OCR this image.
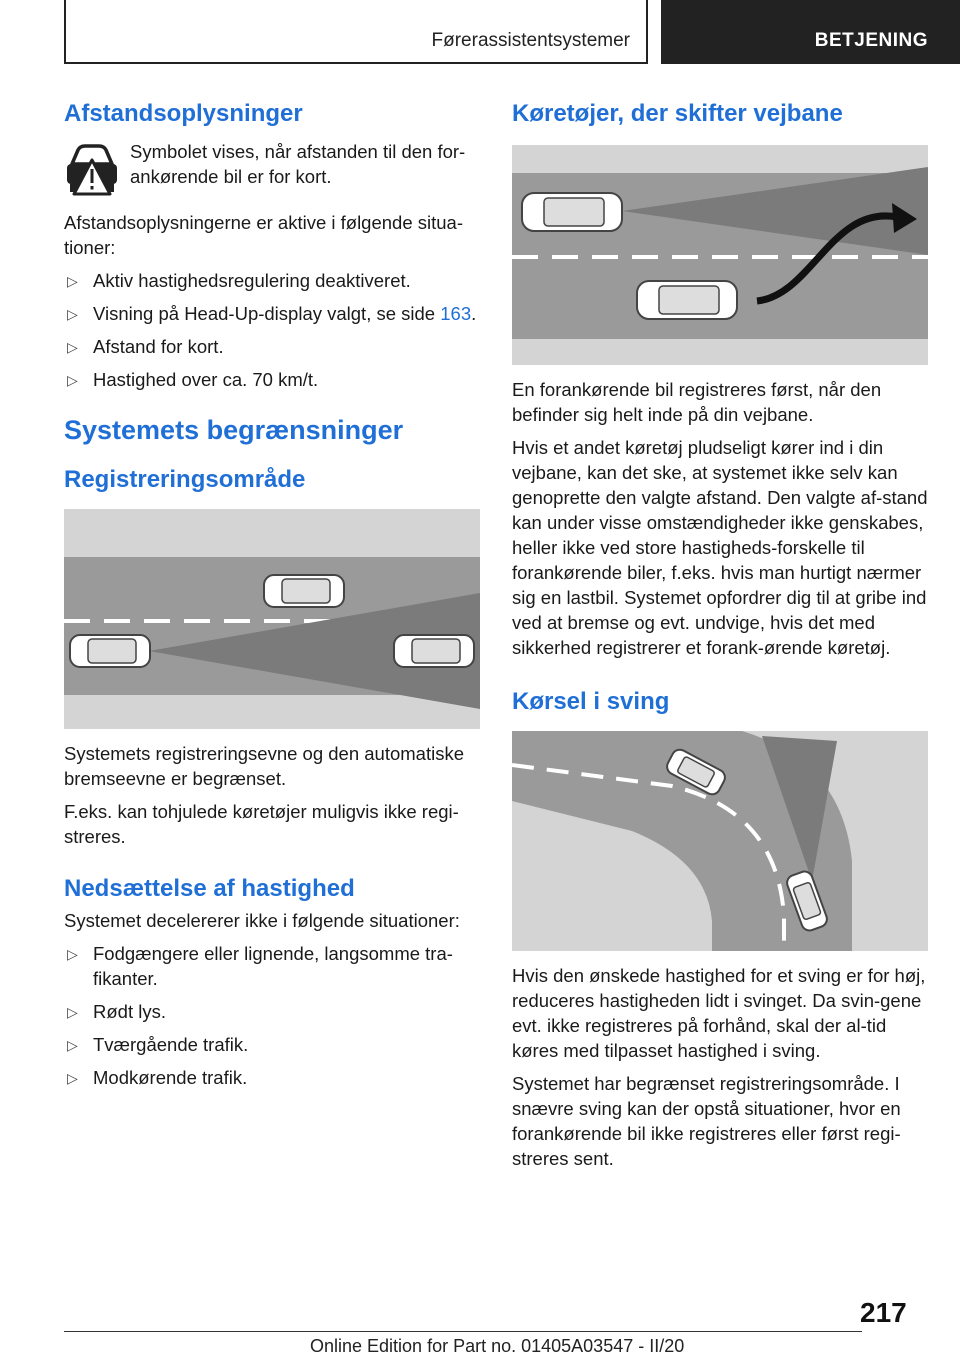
Førerassistentsystemer	BETJENING
Afstandsoplysninger

Symbolet vises, når afstanden til den for-ankørende bil er for kort.

Afstandsoplysningerne er aktive i følgende situa-tioner:

▷ Aktiv hastighedsregulering deaktiveret.
▷ Visning på Head-Up-display valgt, se side 163.
▷ Afstand for kort.
▷ Hastighed over ca. 70 km/t.
Systemets begrænsninger
Registreringsområde

Systemets registreringsevne og den automatiske bremseevne er begrænset.

F.eks. kan tohjulede køretøjer muligvis ikke regi-streres.

Nedsættelse af hastighed

Systemet decelererer ikke i følgende situationer:

▷ Fodgængere eller lignende, langsomme tra-fikanter.
▷ Rødt lys.
▷ Tværgående trafik.
▷ Modkørende trafik.
Køretøjer, der skifter vejbane

En forankørende bil registreres først, når den befinder sig helt inde på din vejbane.

Hvis et andet køretøj pludseligt kører ind i din vejbane, kan det ske, at systemet ikke selv kan genoprette den valgte afstand. Den valgte af-stand kan under visse omstændigheder ikke genskabes, heller ikke ved store hastigheds-forskelle til forankørende biler, f.eks. hvis man hurtigt nærmer sig en lastbil. Systemet opfordrer dig til at gribe ind ved at bremse og evt. undvige, hvis det med sikkerhed registrerer et forank-ørende køretøj.

Kørsel i sving

Hvis den ønskede hastighed for et sving er for høj, reduceres hastigheden lidt i svinget. Da svin-gene evt. ikke registreres på forhånd, skal der al-tid køres med tilpasset hastighed i sving.

Systemet har begrænset registreringsområde. I snævre sving kan der opstå situationer, hvor en forankørende bil ikke registreres eller først regi-streres sent.

217
Online Edition for Part no. 01405A03547 - II/20
